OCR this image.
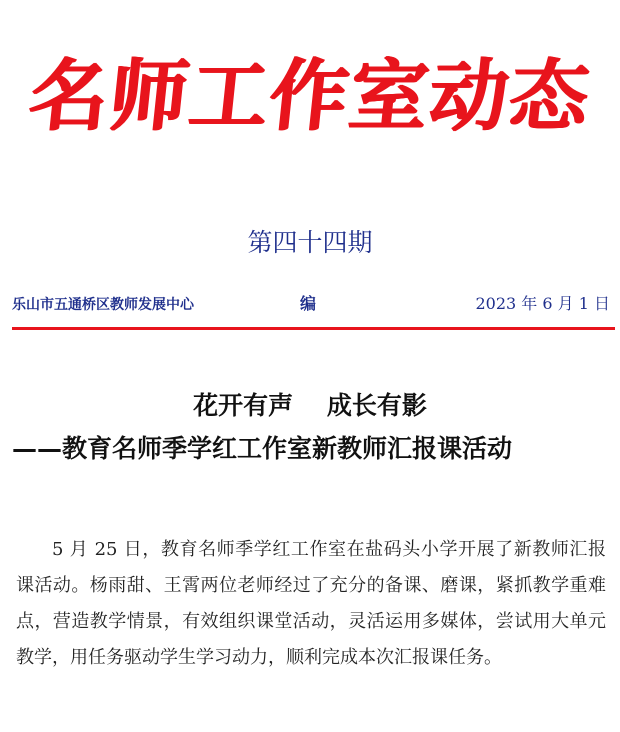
名师工作室动态
第四十四期
乐山市五通桥区教师发展中心	编	2023 年 6 月 1 日
花开有声　 成长有影
——教育名师季学红工作室新教师汇报课活动

5 月 25 日，教育名师季学红工作室在盐码头小学开展了新教师汇报课活动。杨雨甜、王霄两位老师经过了充分的备课、磨课，紧抓教学重难点，营造教学情景，有效组织课堂活动，灵活运用多媒体，尝试用大单元教学，用任务驱动学生学习动力，顺利完成本次汇报课任务。
